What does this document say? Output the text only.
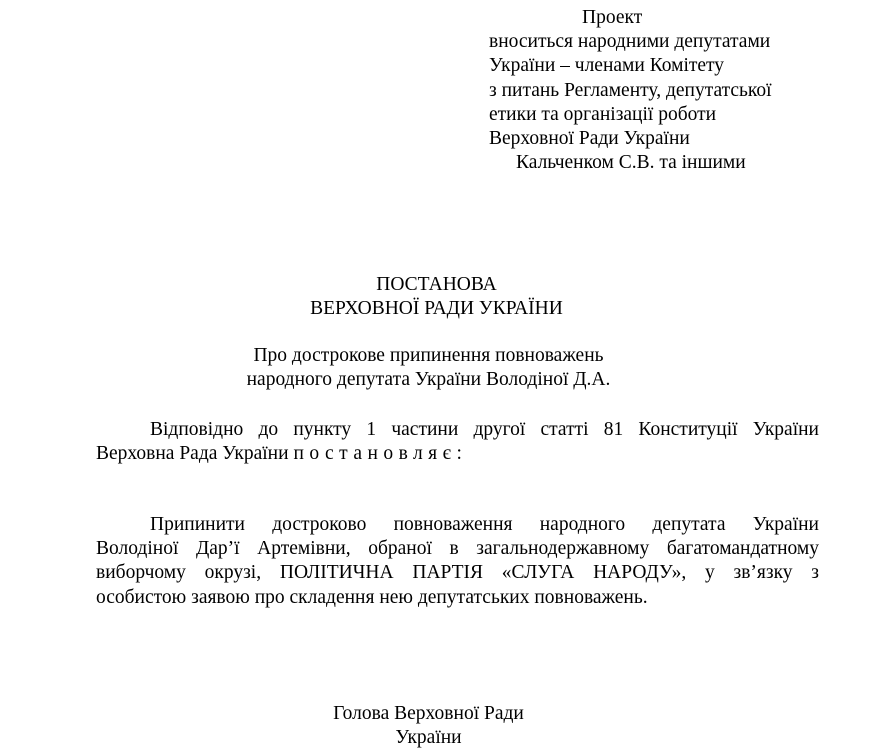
Проект
вноситься народними депутатами
України – членами Комітету
з питань Регламенту, депутатської
етики та організації роботи
Верховної Ради України
Кальченком С.В. та іншими
ПОСТАНОВА
ВЕРХОВНОЇ РАДИ УКРАЇНИ
Про дострокове припинення повноважень
народного депутата України Володіної Д.А.
Відповідно до пункту 1 частини другої статті 81 Конституції України
Верховна Рада України постановляє:
Припинити достроково повноваження народного депутата України
Володіної Дар’ї Артемівни, обраної в загальнодержавному багатомандатному
виборчому окрузі, ПОЛІТИЧНА ПАРТІЯ «СЛУГА НАРОДУ», у зв’язку з
особистою заявою про складення нею депутатських повноважень.
Голова Верховної Ради
України
